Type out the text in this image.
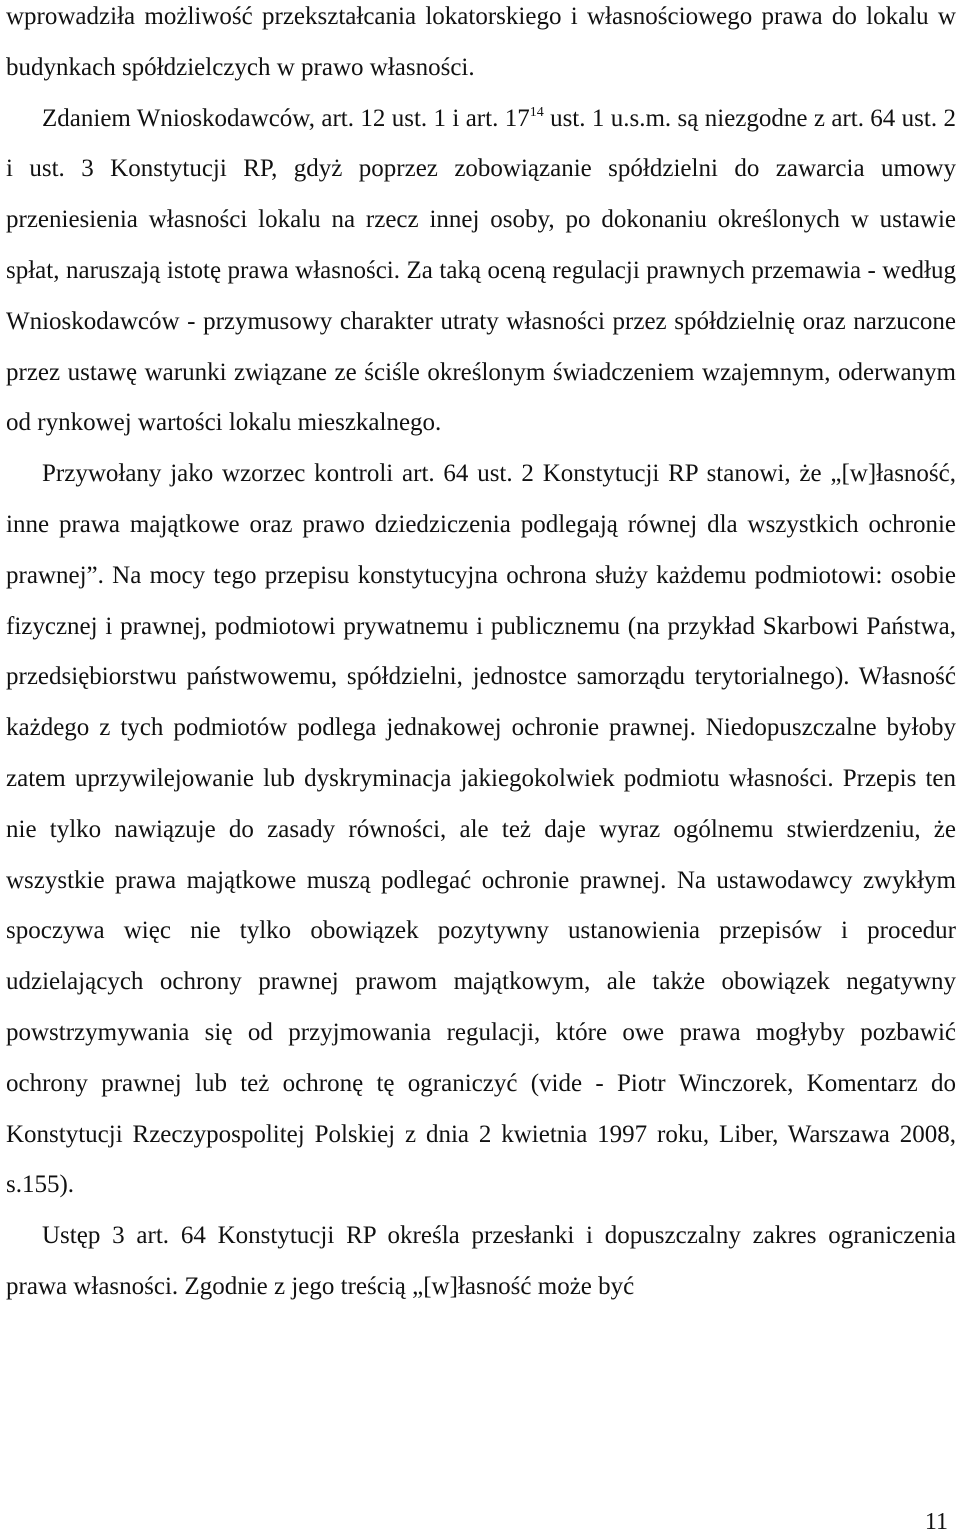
wprowadziła możliwość przekształcania lokatorskiego i własnościowego prawa do lokalu w budynkach spółdzielczych w prawo własności.

Zdaniem Wnioskodawców, art. 12 ust. 1 i art. $17^{14}$ ust. 1 u.s.m. są niezgodne z art. 64 ust. 2 i ust. 3 Konstytucji RP, gdyż poprzez zobowiązanie spółdzielni do zawarcia umowy przeniesienia własności lokalu na rzecz innej osoby, po dokonaniu określonych w ustawie spłat, naruszają istotę prawa własności. Za taką oceną regulacji prawnych przemawia - według Wnioskodawców - przymusowy charakter utraty własności przez spółdzielnię oraz narzucone przez ustawę warunki związane ze ściśle określonym świadczeniem wzajemnym, oderwanym od rynkowej wartości lokalu mieszkalnego.

Przywołany jako wzorzec kontroli art. 64 ust. 2 Konstytucji RP stanowi, że „[w]łasność, inne prawa majątkowe oraz prawo dziedziczenia podlegają równej dla wszystkich ochronie prawnej”. Na mocy tego przepisu konstytucyjna ochrona służy każdemu podmiotowi: osobie fizycznej i prawnej, podmiotowi prywatnemu i publicznemu (na przykład Skarbowi Państwa, przedsiębiorstwu państwowemu, spółdzielni, jednostce samorządu terytorialnego). Własność każdego z tych podmiotów podlega jednakowej ochronie prawnej. Niedopuszczalne byłoby zatem uprzywilejowanie lub dyskryminacja jakiegokolwiek podmiotu własności. Przepis ten nie tylko nawiązuje do zasady równości, ale też daje wyraz ogólnemu stwierdzeniu, że wszystkie prawa majątkowe muszą podlegać ochronie prawnej. Na ustawodawcy zwykłym spoczywa więc nie tylko obowiązek pozytywny ustanowienia przepisów i procedur udzielających ochrony prawnej prawom majątkowym, ale także obowiązek negatywny powstrzymywania się od przyjmowania regulacji, które owe prawa mogłyby pozbawić ochrony prawnej lub też ochronę tę ograniczyć (vide - Piotr Winczorek, Komentarz do Konstytucji Rzeczypospolitej Polskiej z dnia 2 kwietnia 1997 roku, Liber, Warszawa 2008, s.155).

Ustęp 3 art. 64 Konstytucji RP określa przesłanki i dopuszczalny zakres ograniczenia prawa własności. Zgodnie z jego treścią „[w]łasność może być

11
